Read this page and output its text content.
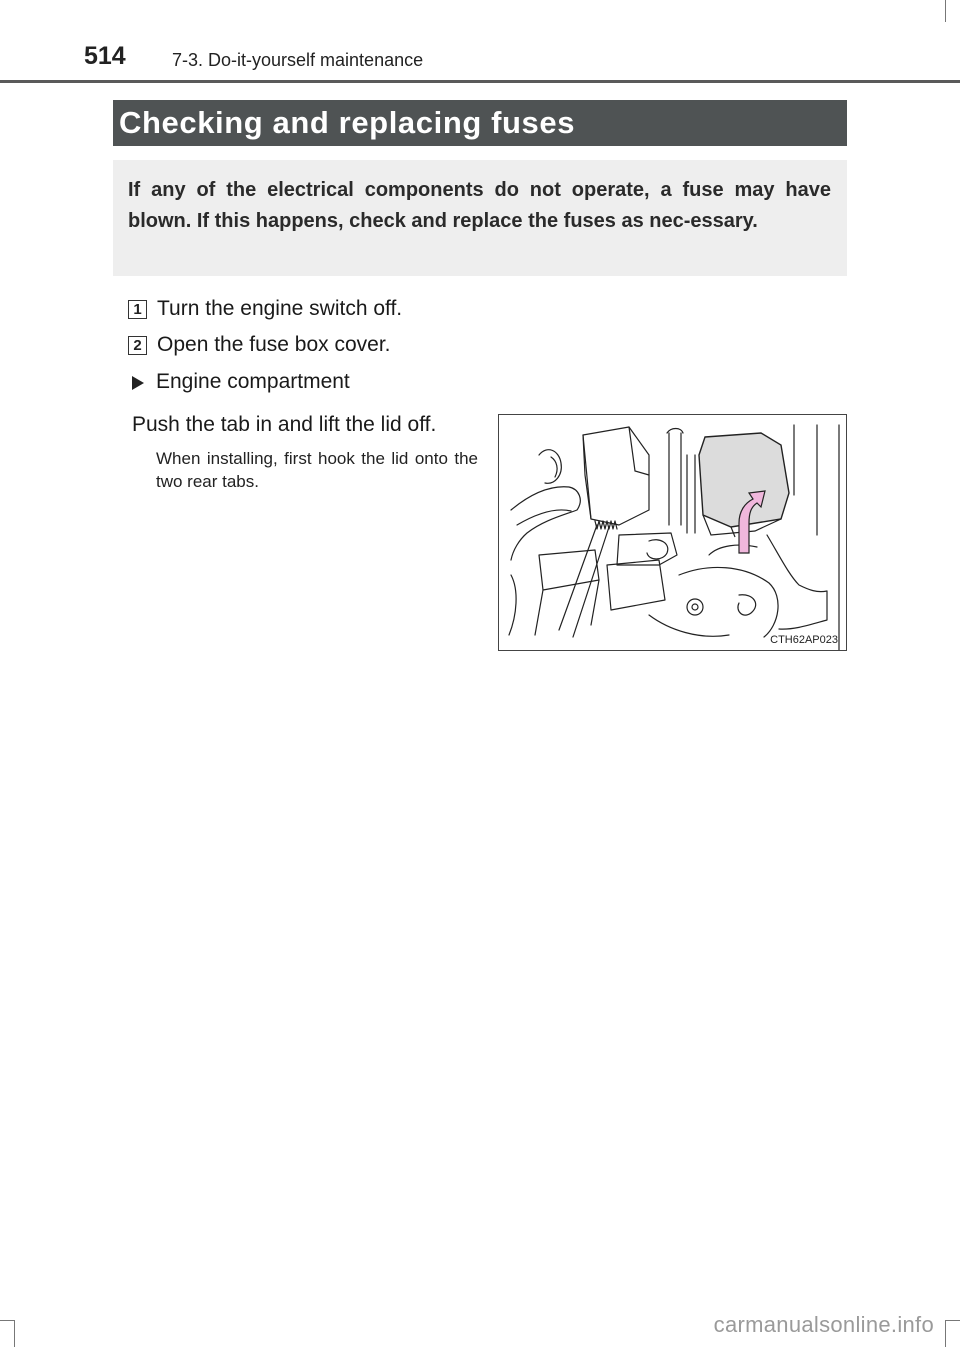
514	7-3. Do-it-yourself maintenance
Checking and replacing fuses

If any of the electrical components do not operate, a fuse may have blown. If this happens, check and replace the fuses as nec-essary.

1 Turn the engine switch off.
2 Open the fuse box cover.
Engine compartment

Push the tab in and lift the lid off.

When installing, first hook the lid onto the two rear tabs.

CTH62AP023
carmanualsonline.info
